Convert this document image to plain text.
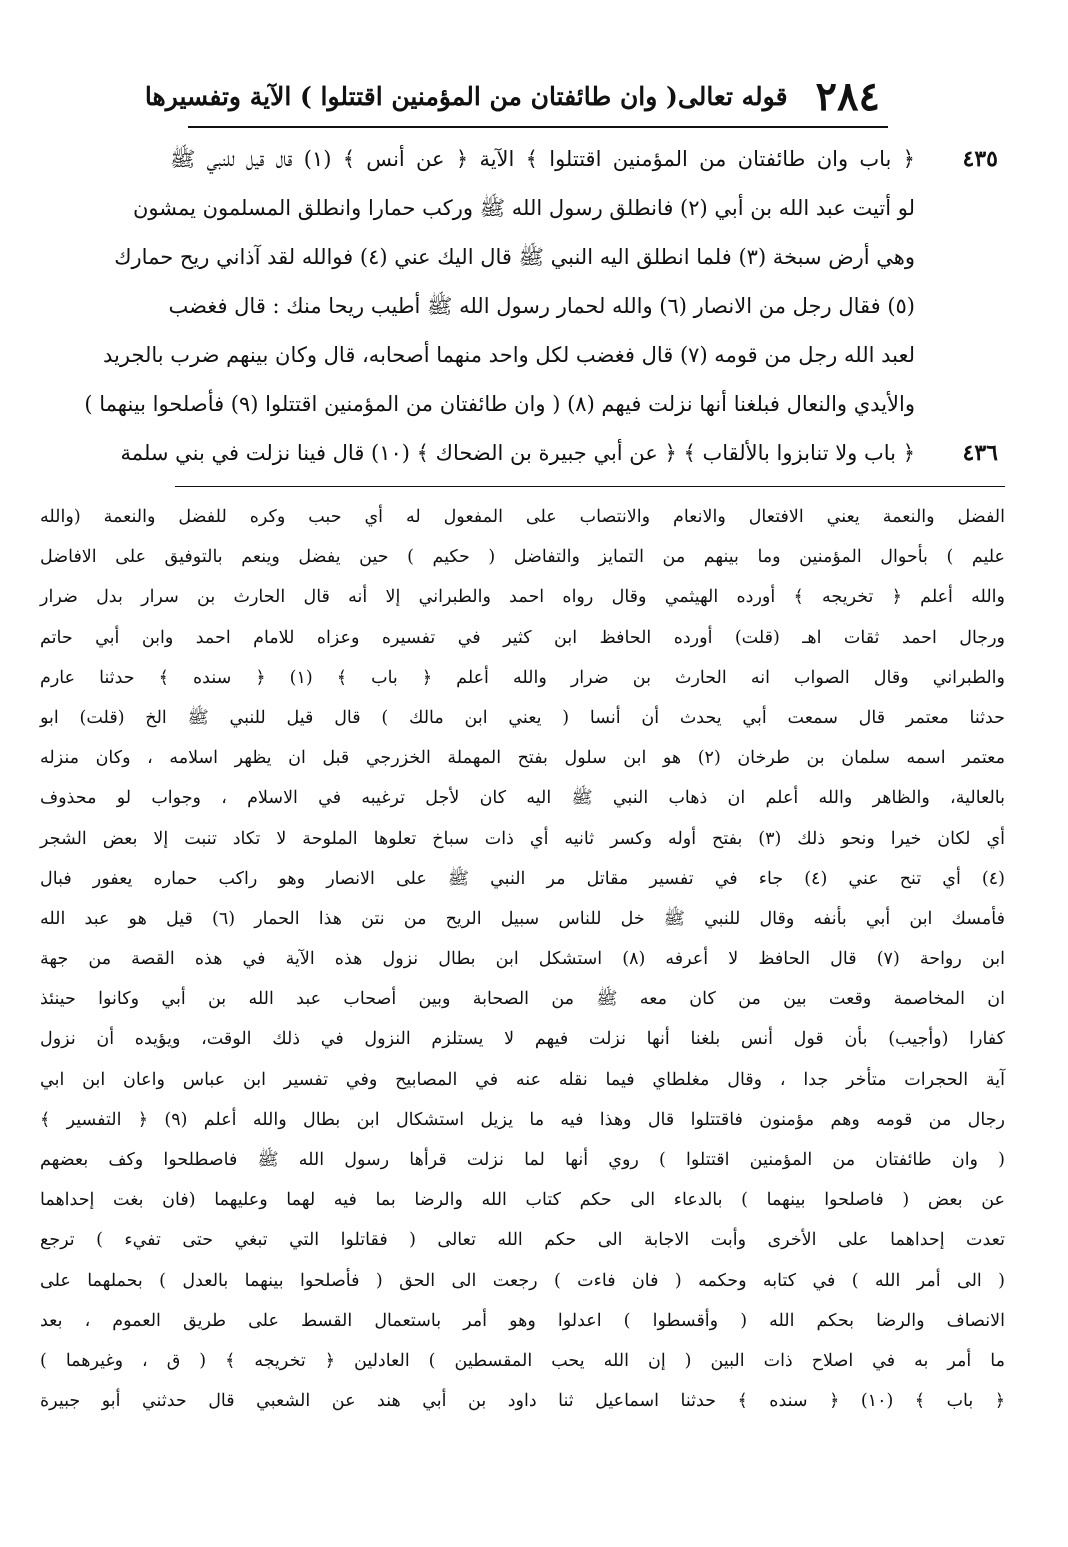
٢٨٤
قوله تعالى( وان طائفتان من المؤمنين اقتتلوا ) الآية وتفسيرها
٤٣٥
٤٣٦
﴿ باب وان طائفتان من المؤمنين اقتتلوا ﴾ الآية ﴿ عن أنس ﴾ (١) قال قيل للنبي ﷺ
لو أتيت عبد الله بن أبي (٢) فانطلق رسول الله ﷺ وركب حمارا وانطلق المسلمون يمشون
وهي أرض سبخة (٣) فلما انطلق اليه النبي ﷺ قال اليك عني (٤) فوالله لقد آذاني ريح حمارك
(٥) فقال رجل من الانصار (٦) والله لحمار رسول الله ﷺ أطيب ريحا منك : قال فغضب
لعبد الله رجل من قومه (٧) قال فغضب لكل واحد منهما أصحابه، قال وكان بينهم ضرب بالجريد
والأيدي والنعال فبلغنا أنها نزلت فيهم (٨) ( وان طائفتان من المؤمنين اقتتلوا (٩) فأصلحوا بينهما )
﴿ باب ولا تنابزوا بالألقاب ﴾ ﴿ عن أبي جبيرة بن الضحاك ﴾ (١٠) قال فينا نزلت في بني سلمة
الفضل والنعمة يعني الافتعال والانعام والانتصاب على المفعول له أي حبب وكره للفضل والنعمة (والله
عليم ) بأحوال المؤمنين وما بينهم من التمايز والتفاضل ( حكيم ) حين يفضل وينعم بالتوفيق على الافاضل
والله أعلم ﴿ تخريجه ﴾ أورده الهيثمي وقال رواه احمد والطبراني إلا أنه قال الحارث بن سرار بدل ضرار
ورجال احمد ثقات اهـ (قلت) أورده الحافظ ابن كثير في تفسيره وعزاه للامام احمد وابن أبي حاتم
والطبراني وقال الصواب انه الحارث بن ضرار والله أعلم ﴿ باب ﴾ (١) ﴿ سنده ﴾ حدثنا عارم
حدثنا معتمر قال سمعت أبي يحدث أن أنسا ( يعني ابن مالك ) قال قيل للنبي ﷺ الخ (قلت) ابو
معتمر اسمه سلمان بن طرخان (٢) هو ابن سلول بفتح المهملة الخزرجي قبل ان يظهر اسلامه ، وكان منزله
بالعالية، والظاهر والله أعلم ان ذهاب النبي ﷺ اليه كان لأجل ترغيبه في الاسلام ، وجواب لو محذوف
أي لكان خيرا ونحو ذلك (٣) بفتح أوله وكسر ثانيه أي ذات سباخ تعلوها الملوحة لا تكاد تنبت إلا بعض الشجر
(٤) أي تنح عني (٤) جاء في تفسير مقاتل مر النبي ﷺ على الانصار وهو راكب حماره يعفور فبال
فأمسك ابن أبي بأنفه وقال للنبي ﷺ خل للناس سبيل الريح من نتن هذا الحمار (٦) قيل هو عبد الله
ابن رواحة (٧) قال الحافظ لا أعرفه (٨) استشكل ابن بطال نزول هذه الآية في هذه القصة من جهة
ان المخاصمة وقعت بين من كان معه ﷺ من الصحابة وبين أصحاب عبد الله بن أبي وكانوا حينئذ
كفارا (وأجيب) بأن قول أنس بلغنا أنها نزلت فيهم لا يستلزم النزول في ذلك الوقت، ويؤيده أن نزول
آية الحجرات متأخر جدا ، وقال مغلطاي فيما نقله عنه في المصابيح وفي تفسير ابن عباس واعان ابن ابي
رجال من قومه وهم مؤمنون فاقتتلوا قال وهذا فيه ما يزيل استشكال ابن بطال والله أعلم (٩) ﴿ التفسير ﴾
( وان طائفتان من المؤمنين اقتتلوا ) روي أنها لما نزلت قرأها رسول الله ﷺ فاصطلحوا وكف بعضهم
عن بعض ( فاصلحوا بينهما ) بالدعاء الى حكم كتاب الله والرضا بما فيه لهما وعليهما (فان بغت إحداهما
تعدت إحداهما على الأخرى وأبت الاجابة الى حكم الله تعالى ( فقاتلوا التي تبغي حتى تفيء ) ترجع
( الى أمر الله ) في كتابه وحكمه ( فان فاءت ) رجعت الى الحق ( فأصلحوا بينهما بالعدل ) بحملهما على
الانصاف والرضا بحكم الله ( وأقسطوا ) اعدلوا وهو أمر باستعمال القسط على طريق العموم ، بعد
ما أمر به في اصلاح ذات البين ( إن الله يحب المقسطين ) العادلين ﴿ تخريجه ﴾ ( ق ، وغيرهما )
﴿ باب ﴾ (١٠) ﴿ سنده ﴾ حدثنا اسماعيل ثنا داود بن أبي هند عن الشعبي قال حدثني أبو جبيرة
